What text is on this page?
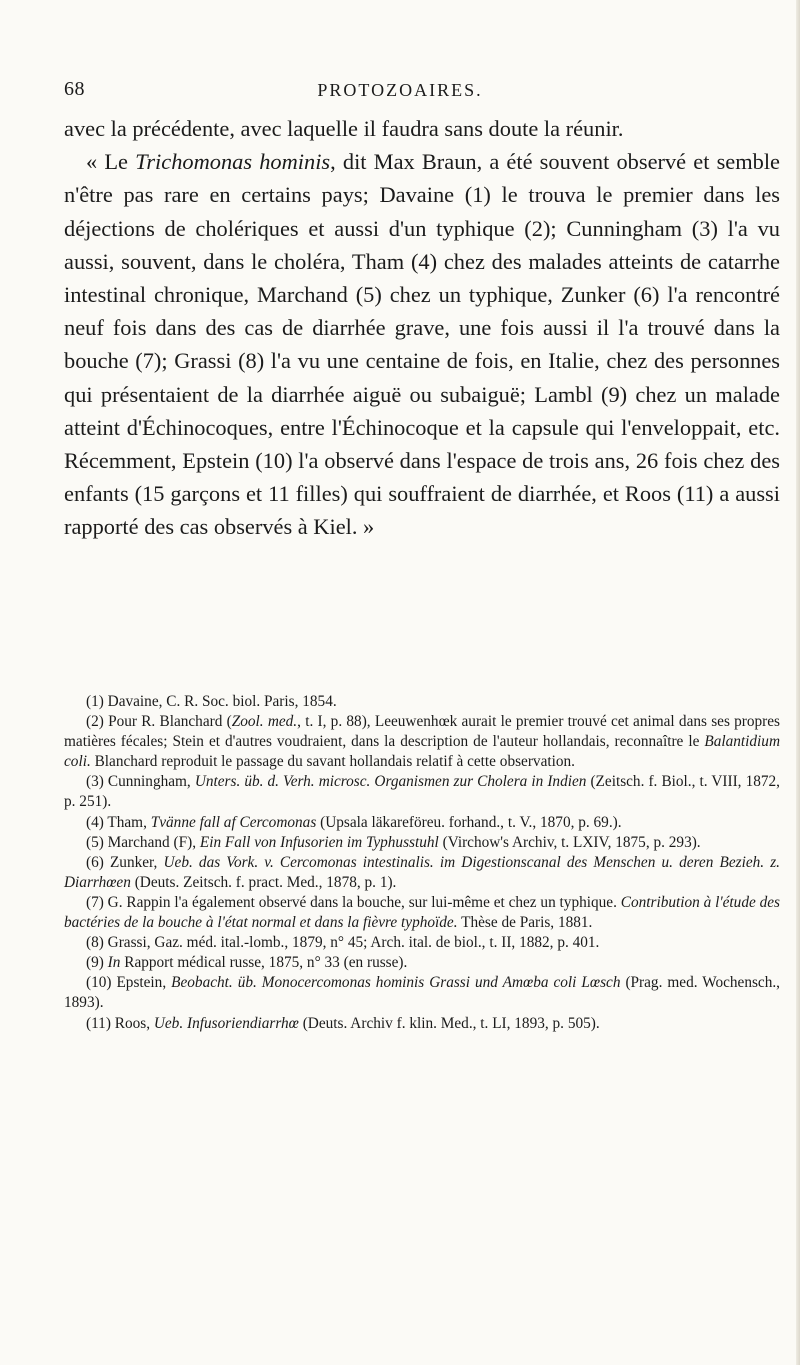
68	PROTOZOAIRES.

avec la précédente, avec laquelle il faudra sans doute la réunir.

« Le Trichomonas hominis, dit Max Braun, a été souvent observé et semble n'être pas rare en certains pays; Davaine (1) le trouva le premier dans les déjections de cholériques et aussi d'un typhique (2); Cunningham (3) l'a vu aussi, souvent, dans le choléra, Tham (4) chez des malades atteints de catarrhe intestinal chronique, Marchand (5) chez un typhique, Zunker (6) l'a rencontré neuf fois dans des cas de diarrhée grave, une fois aussi il l'a trouvé dans la bouche (7); Grassi (8) l'a vu une centaine de fois, en Italie, chez des personnes qui présentaient de la diarrhée aiguë ou subaiguë; Lambl (9) chez un malade atteint d'Échinocoques, entre l'Échinocoque et la capsule qui l'enveloppait, etc. Récemment, Epstein (10) l'a observé dans l'espace de trois ans, 26 fois chez des enfants (15 garçons et 11 filles) qui souffraient de diarrhée, et Roos (11) a aussi rapporté des cas observés à Kiel. »

(1) Davaine, C. R. Soc. biol. Paris, 1854.

(2) Pour R. Blanchard (Zool. med., t. I, p. 88), Leeuwenhœk aurait le premier trouvé cet animal dans ses propres matières fécales; Stein et d'autres voudraient, dans la description de l'auteur hollandais, reconnaître le Balantidium coli. Blanchard reproduit le passage du savant hollandais relatif à cette observation.

(3) Cunningham, Unters. üb. d. Verh. microsc. Organismen zur Cholera in Indien (Zeitsch. f. Biol., t. VIII, 1872, p. 251).

(4) Tham, Tvänne fall af Cercomonas (Upsala läkareföreu. forhand., t. V., 1870, p. 69.).

(5) Marchand (F), Ein Fall von Infusorien im Typhusstuhl (Virchow's Archiv, t. LXIV, 1875, p. 293).

(6) Zunker, Ueb. das Vork. v. Cercomonas intestinalis. im Digestionscanal des Menschen u. deren Bezieh. z. Diarrhœen (Deuts. Zeitsch. f. pract. Med., 1878, p. 1).

(7) G. Rappin l'a également observé dans la bouche, sur lui-même et chez un typhique. Contribution à l'étude des bactéries de la bouche à l'état normal et dans la fièvre typhoïde. Thèse de Paris, 1881.

(8) Grassi, Gaz. méd. ital.-lomb., 1879, n° 45; Arch. ital. de biol., t. II, 1882, p. 401.

(9) In Rapport médical russe, 1875, n° 33 (en russe).

(10) Epstein, Beobacht. üb. Monocercomonas hominis Grassi und Amœba coli Lœsch (Prag. med. Wochensch., 1893).

(11) Roos, Ueb. Infusoriendiarrhœ (Deuts. Archiv f. klin. Med., t. LI, 1893, p. 505).
